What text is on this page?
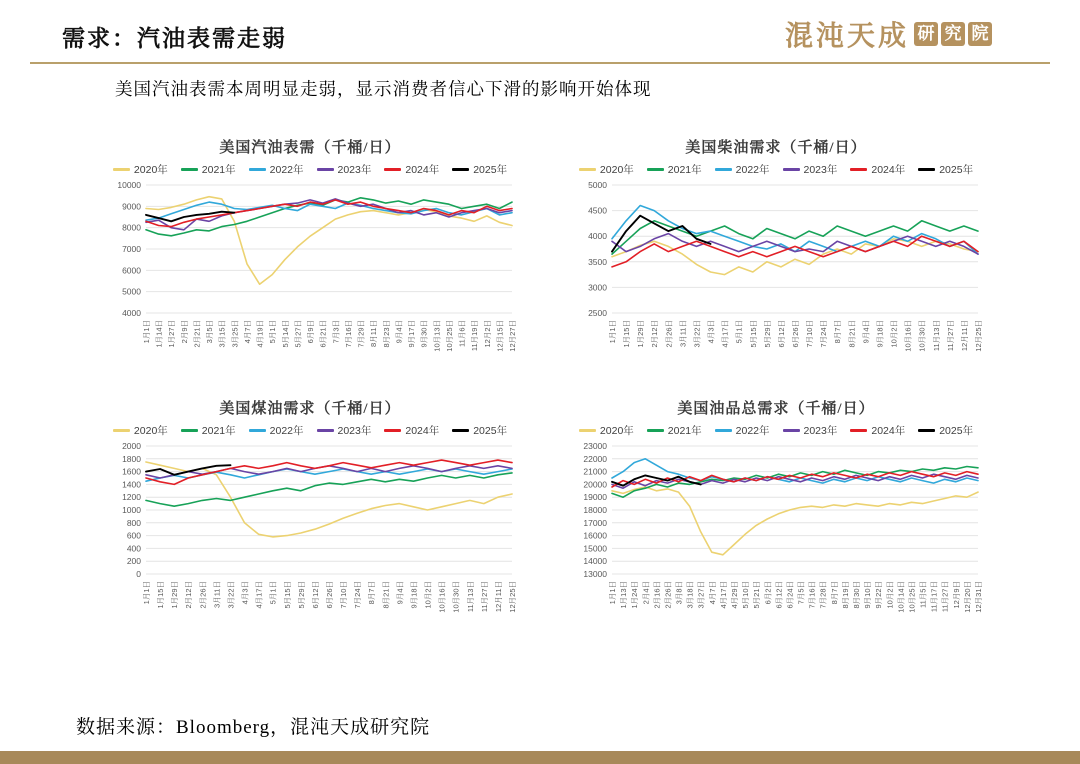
需求：汽油表需走弱	混沌天成 研 究 院
美国汽油表需本周明显走弱，显示消费者信心下滑的影响开始体现
美国汽油表需（千桶/日）
2020年	2021年	2022年	2023年	2024年	2025年
4000
5000
6000
7000
8000
9000
10000
1月1日 1月14日 1月27日 2月9日 2月21日 3月5日 3月15日 3月25日 4月7日 4月19日 5月1日 5月14日 5月27日 6月9日 6月21日 7月3日 7月16日 7月29日 8月11日 8月23日 9月4日 9月17日 9月30日 10月13日 10月25日 11月6日 11月19日 12月2日 12月15日 12月27日
美国柴油需求（千桶/日）
2020年	2021年	2022年	2023年	2024年	2025年
2500
3000
3500
4000
4500
5000
1月1日 1月15日 1月29日 2月12日 2月26日 3月11日 3月22日 4月3日 4月17日 5月1日 5月15日 5月29日 6月12日 6月26日 7月10日 7月24日 8月7日 8月21日 9月4日 9月18日 10月2日 10月16日 10月30日 11月13日 11月27日 12月11日 12月25日
美国煤油需求（千桶/日）
2020年	2021年	2022年	2023年	2024年	2025年
0
200
400
600
800
1000
1200
1400
1600
1800
2000
1月1日 1月15日 1月29日 2月12日 2月26日 3月11日 3月22日 4月3日 4月17日 5月1日 5月15日 5月29日 6月12日 6月26日 7月10日 7月24日 8月7日 8月21日 9月4日 9月18日 10月2日 10月16日 10月30日 11月13日 11月27日 12月11日 12月25日
美国油品总需求（千桶/日）
2020年	2021年	2022年	2023年	2024年	2025年
13000
14000
15000
16000
17000
18000
19000
20000
21000
22000
23000
1月1日 1月13日 1月24日 2月4日 2月16日 2月26日 3月8日 3月18日 3月27日 4月7日 4月17日 4月29日 5月10日 5月21日 6月2日 6月12日 6月24日 7月5日 7月16日 7月28日 8月7日 8月19日 8月30日 9月10日 9月22日 10月2日 10月14日 10月25日 11月5日 11月17日 11月27日 12月9日 12月20日 12月31日
数据来源：Bloomberg，混沌天成研究院
